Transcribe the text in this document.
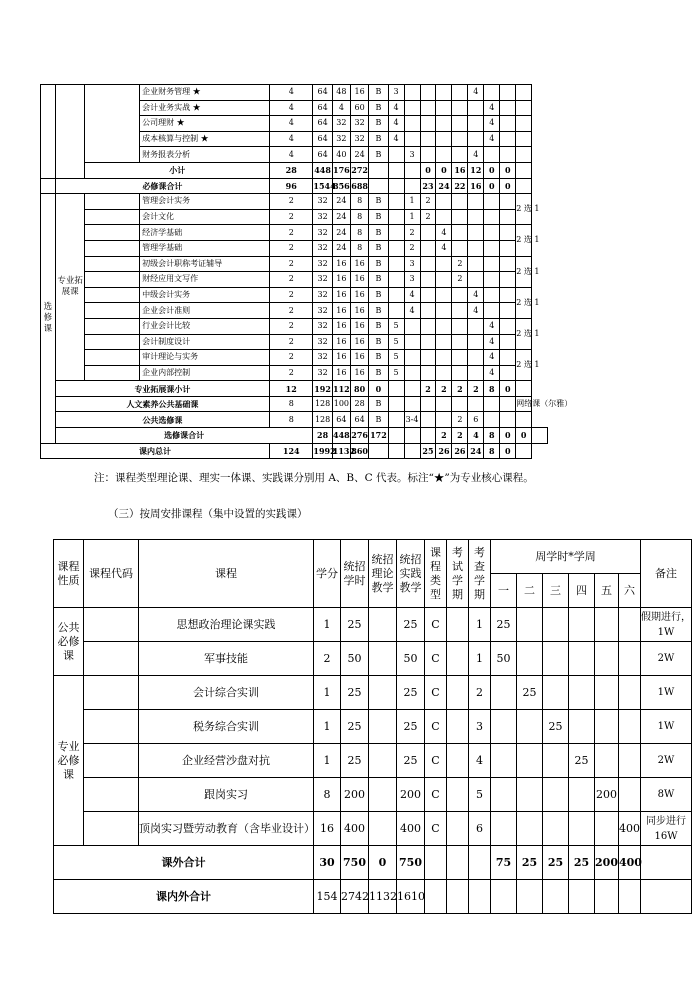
			企业财务管理 ★	4	64	48	16	B	3					4				
			会计业务实战 ★	4	64	4	60	B	4						4			
			公司理财 ★	4	64	32	32	B	4						4			
			成本核算与控制 ★	4	64	32	32	B	4						4			
			财务报表分析	4	64	40	24	B		3				4				
		小计		28	448	176	272				0	0	16	12	0	0		
	必修课合计			96	1544	856	688				23	24	22	16	0	0		
选修课	专业拓展课		管理会计实务	2	32	24	8	B		1	2						2 选 1	
			会计文化	2	32	24	8	B		1	2							
			经济学基础	2	32	24	8	B		2		4					2 选 1	
			管理学基础	2	32	24	8	B		2		4						
			初级会计职称考证辅导	2	32	16	16	B		3			2				2 选 1	
			财经应用文写作	2	32	16	16	B		3			2					
			中级会计实务	2	32	16	16	B		4				4			2 选 1	
			企业会计准则	2	32	16	16	B		4				4				
			行业会计比较	2	32	16	16	B	5						4		2 选 1	
			会计制度设计	2	32	16	16	B	5						4			
			审计理论与实务	2	32	16	16	B	5						4		2 选 1	
			企业内部控制	2	32	16	16	B	5						4			
	专业拓展课小计			12	192	112	80	0			2	2	2	2	8	0		
	人文素养公共基础课			8	128	100	28	B									网络课（尔雅）	
	公共选修课			8	128	64	64	B		3-4			2	6				
	选修课合计				28	448	276	172				2	2	4	8	0	0	
课内总计				124	1992	1132	860				25	26	26	24	8	0		
注：课程类型理论课、理实一体课、实践课分别用 A、B、C 代表。标注“★”为专业核心课程。
（三）按周安排课程（集中设置的实践课）
课程性质	课程代码	课程	学分	统招学时	统招理论教学	统招实践教学	课程类型	考试学期	考查学期	周学时*学周						备注
										一	二	三	四	五	六	
公共必修课		思想政治理论课实践	1	25		25	C		1	25						假期进行，1W
		军事技能	2	50		50	C		1	50						2W
专业必修课		会计综合实训	1	25		25	C		2		25					1W
		税务综合实训	1	25		25	C		3			25				1W
		企业经营沙盘对抗	1	25		25	C		4				25			2W
		跟岗实习	8	200		200	C		5					200		8W
		顶岗实习暨劳动教育（含毕业设计）	16	400		400	C		6						400	同步进行 16W
课外合计			30	750	0	750				75	25	25	25	200	400	
课内外合计			154	2742	1132	1610										
